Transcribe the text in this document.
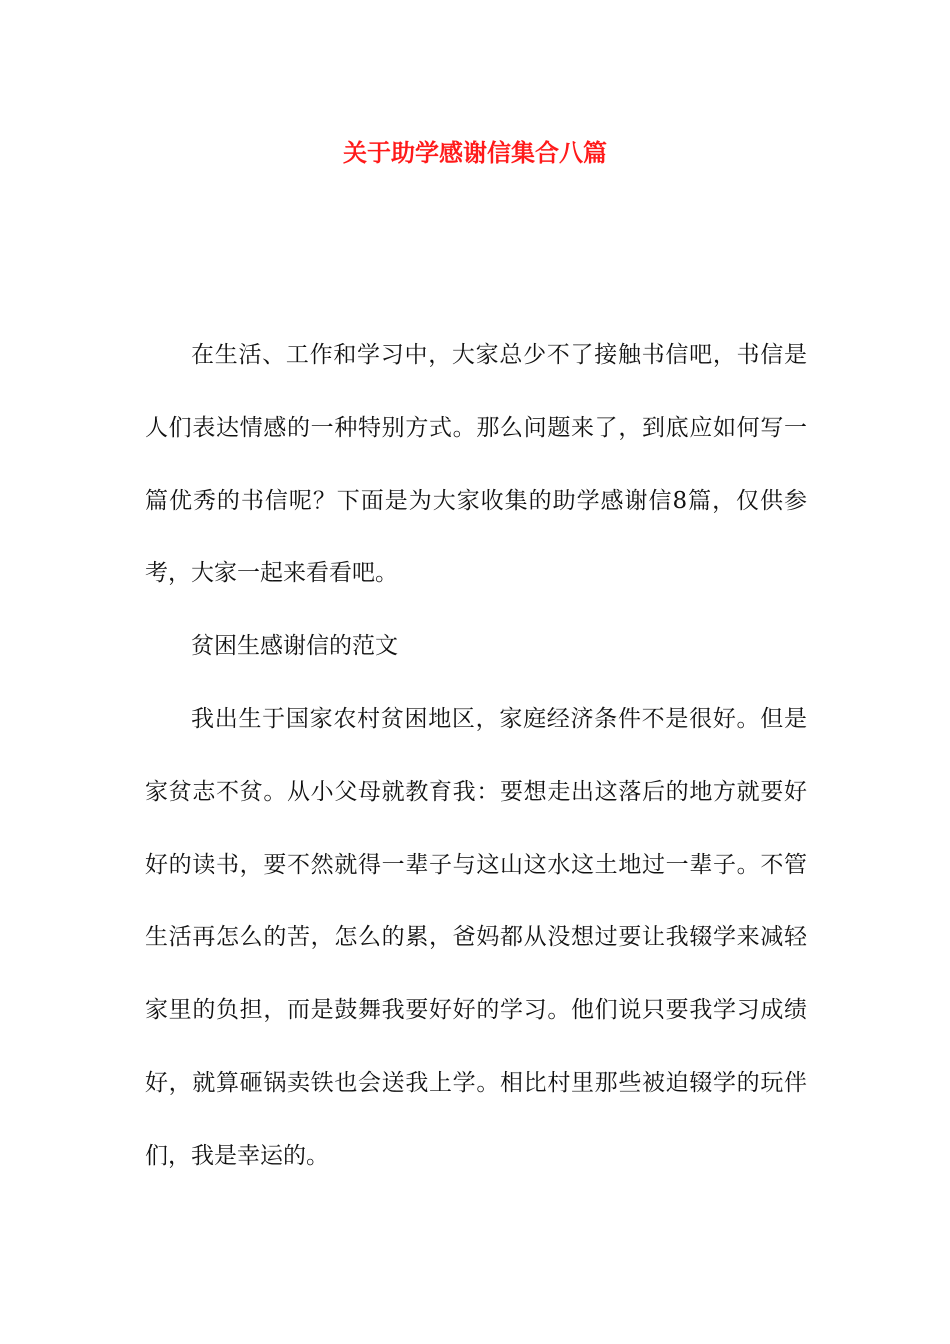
关于助学感谢信集合八篇

在生活、工作和学习中，大家总少不了接触书信吧，书信是人们表达情感的一种特别方式。那么问题来了，到底应如何写一篇优秀的书信呢？下面是为大家收集的助学感谢信8篇，仅供参考，大家一起来看看吧。

贫困生感谢信的范文

我出生于国家农村贫困地区，家庭经济条件不是很好。但是家贫志不贫。从小父母就教育我：要想走出这落后的地方就要好好的读书，要不然就得一辈子与这山这水这土地过一辈子。不管生活再怎么的苦，怎么的累，爸妈都从没想过要让我辍学来减轻家里的负担，而是鼓舞我要好好的学习。他们说只要我学习成绩好，就算砸锅卖铁也会送我上学。相比村里那些被迫辍学的玩伴们，我是幸运的。
